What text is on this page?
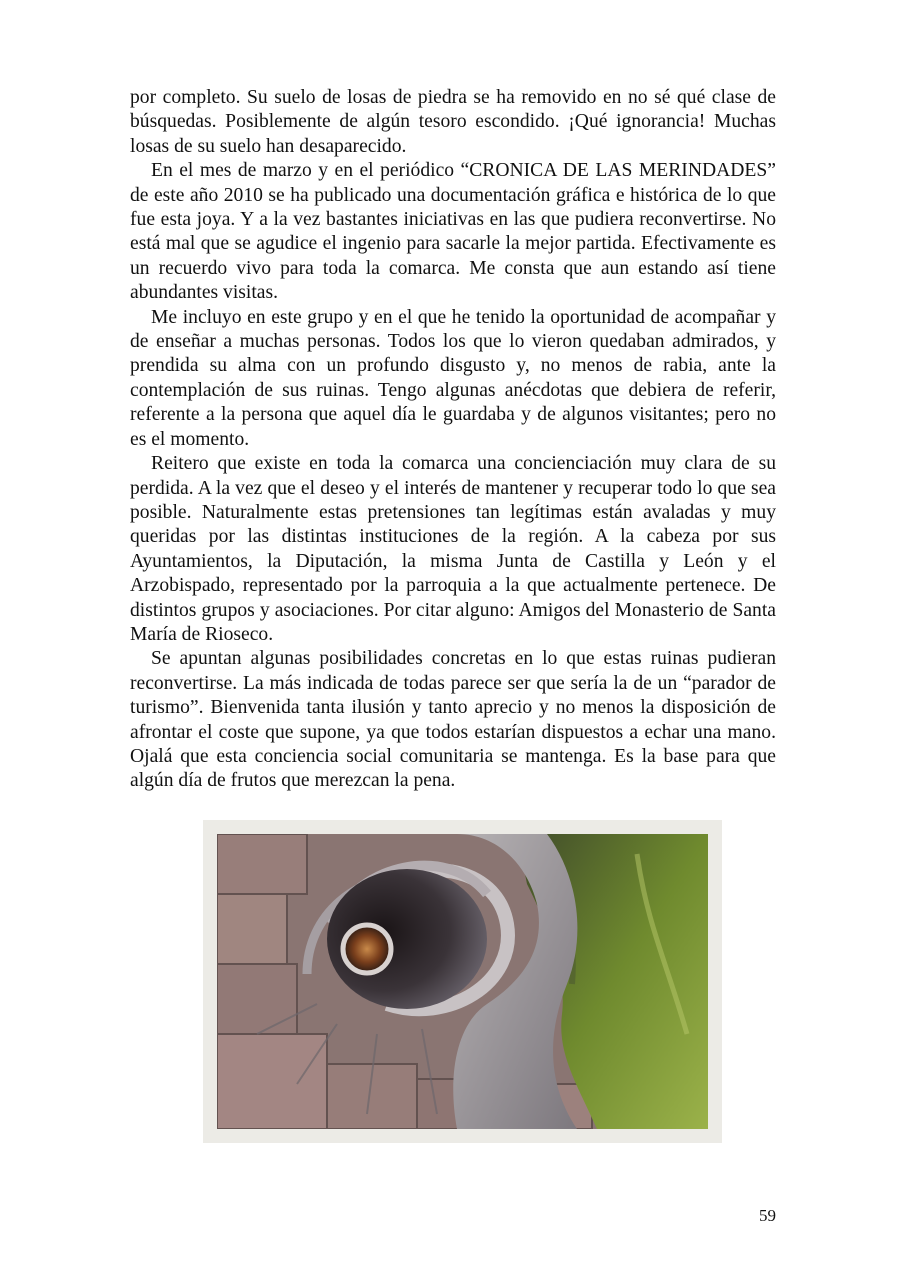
por completo. Su suelo de losas de piedra se ha removido en no sé qué clase de búsquedas. Posiblemente de algún tesoro escondido. ¡Qué ignorancia! Muchas losas de su suelo han desaparecido.

En el mes de marzo y en el periódico “CRONICA DE LAS MERINDADES” de este año 2010 se ha publicado una documentación gráfica e histórica de lo que fue esta joya. Y a la vez bastantes iniciativas en las que pudiera reconvertirse. No está mal que se agudice el ingenio para sacarle la mejor partida. Efectivamente es un recuerdo vivo para toda la comarca. Me consta que aun estando así tiene abundantes visitas.

Me incluyo en este grupo y en el que he tenido la oportunidad de acompañar y de enseñar a muchas personas. Todos los que lo vieron quedaban admirados, y prendida su alma con un profundo disgusto y, no menos de rabia, ante la contemplación de sus ruinas. Tengo algunas anécdotas que debiera de referir, referente a la persona que aquel día le guardaba y de algunos visitantes; pero no es el momento.

Reitero que existe en toda la comarca una concienciación muy clara de su perdida. A la vez que el deseo y el interés de mantener y recuperar todo lo que sea posible. Naturalmente estas pretensiones tan legítimas están avaladas y muy queridas por las distintas instituciones de la región. A la cabeza por sus Ayuntamientos, la Diputación, la misma Junta de Castilla y León y el Arzobispado, representado por la parroquia a la que actualmente pertenece. De distintos grupos y asociaciones. Por citar alguno: Amigos del Monasterio de Santa María de Rioseco.

Se apuntan algunas posibilidades concretas en lo que estas ruinas pudieran reconvertirse. La más indicada de todas parece ser que sería la de un “parador de turismo”. Bienvenida tanta ilusión y tanto aprecio y no menos la disposición de afrontar el coste que supone, ya que todos estarían dispuestos a echar una mano. Ojalá que esta conciencia social comunitaria se mantenga. Es la base para que algún día de frutos que merezcan la pena.

59
